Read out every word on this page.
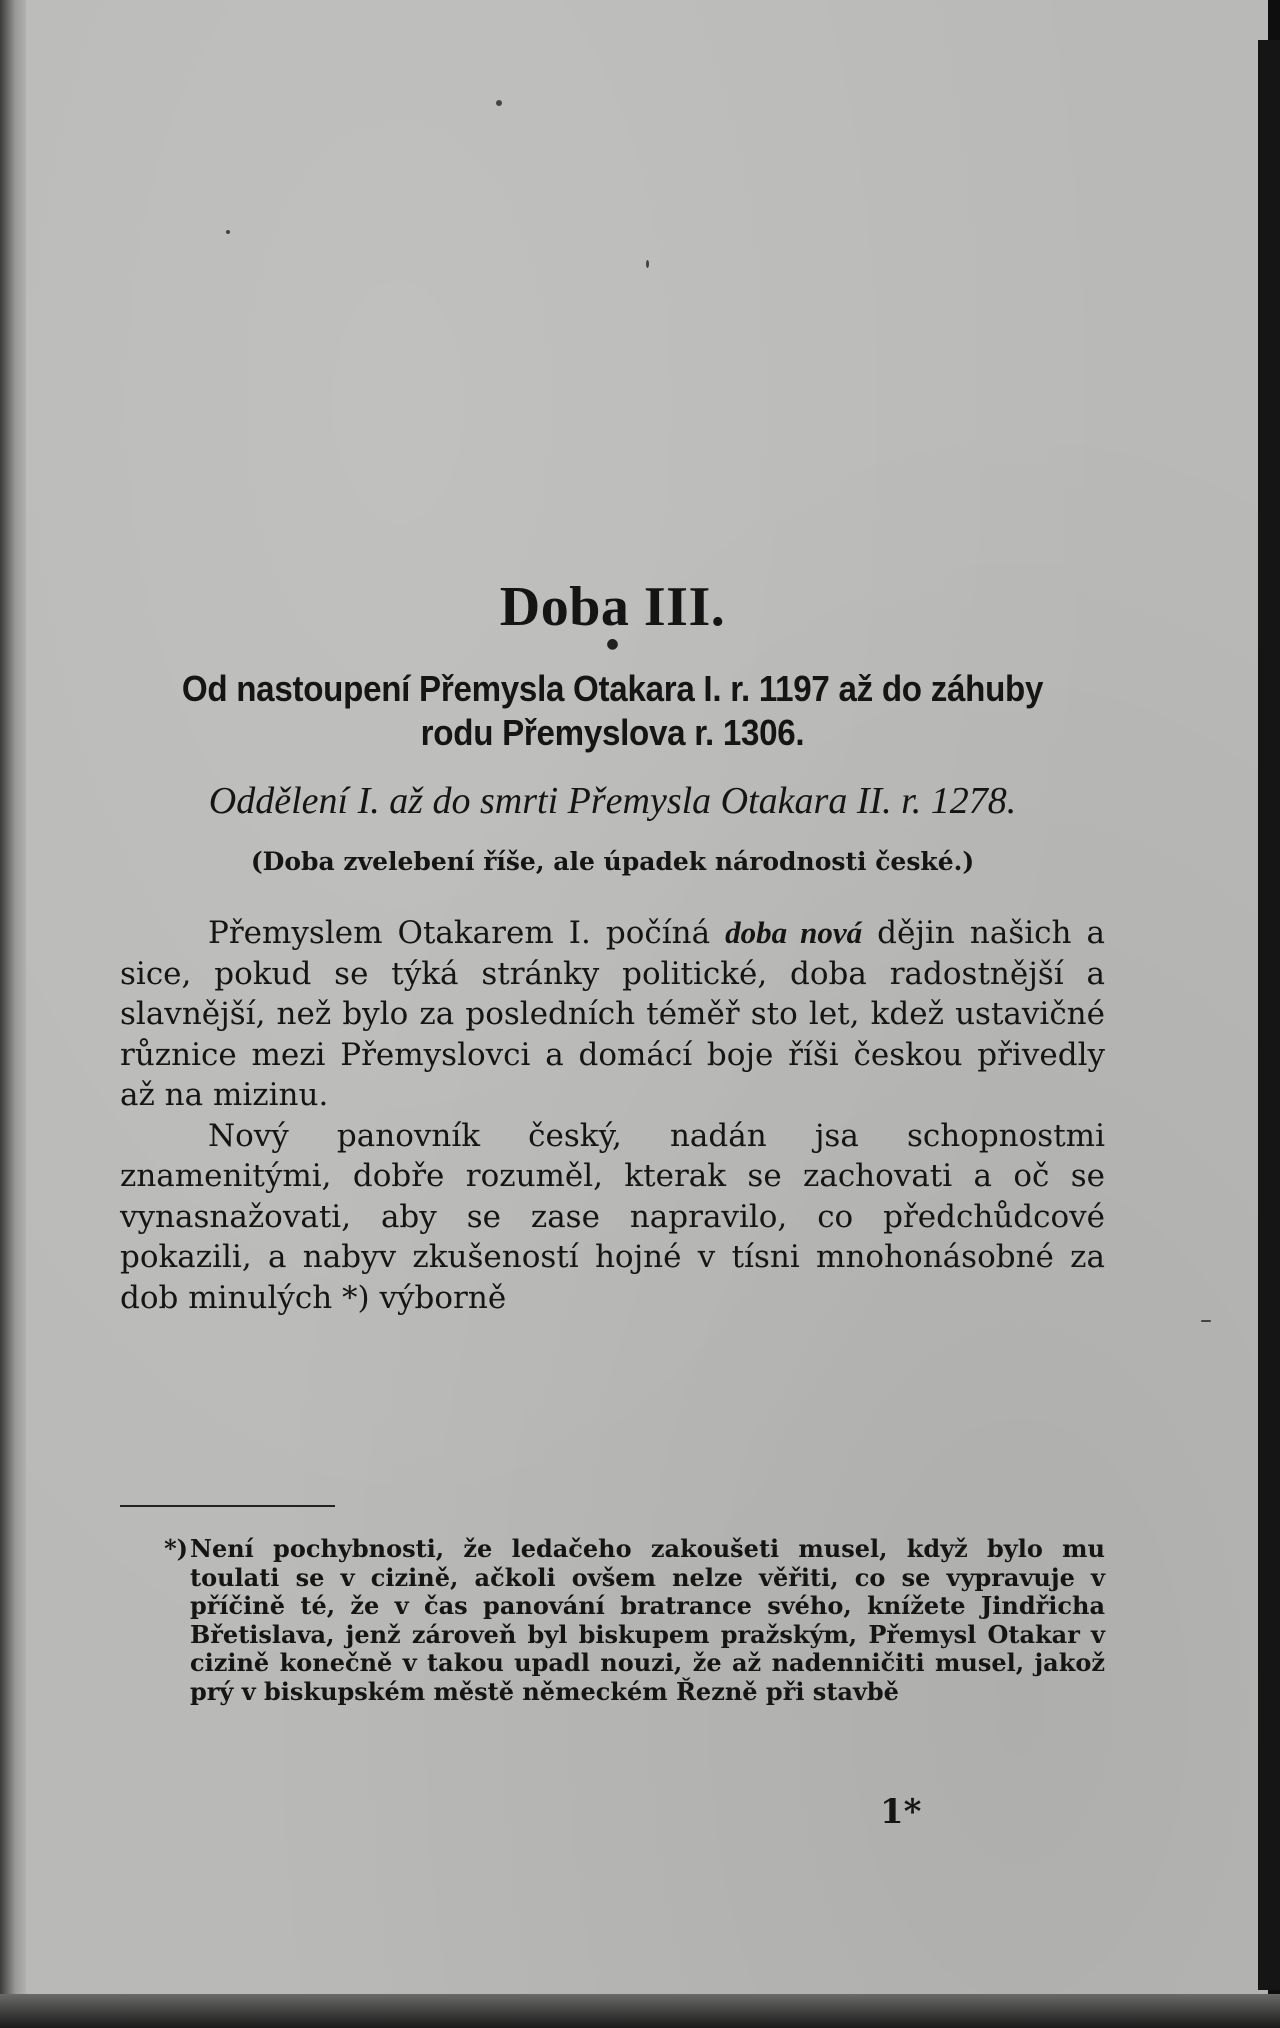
Doba III.
●
Od nastoupení Přemysla Otakara I. r. 1197 až do záhuby rodu Přemyslova r. 1306.
Oddělení I. až do smrti Přemysla Otakara II. r. 1278.
(Doba zvelebení říše, ale úpadek národnosti české.)

Přemyslem Otakarem I. počíná doba nová dějin našich a sice, pokud se týká stránky politické, doba radostnější a slavnější, než bylo za posledních téměř sto let, kdež ustavičné různice mezi Přemyslovci a domácí boje říši českou přivedly až na mizinu.

Nový panovník český, nadán jsa schopnostmi znamenitými, dobře rozuměl, kterak se zachovati a oč se vynasnažovati, aby se zase napravilo, co předchůdcové pokazili, a nabyv zkušeností hojné v tísni mnohonásobné za dob minulých *) výborně

*)Není pochybnosti, že ledačeho zakoušeti musel, když bylo mu toulati se v cizině, ačkoli ovšem nelze věřiti, co se vypravuje v příčině té, že v čas panování bratrance svého, knížete Jindřicha Břetislava, jenž zároveň byl biskupem pražským, Přemysl Otakar v cizině konečně v takou upadl nouzi, že až nadenničiti musel, jakož prý v biskupském městě německém Řezně při stavbě
1*
